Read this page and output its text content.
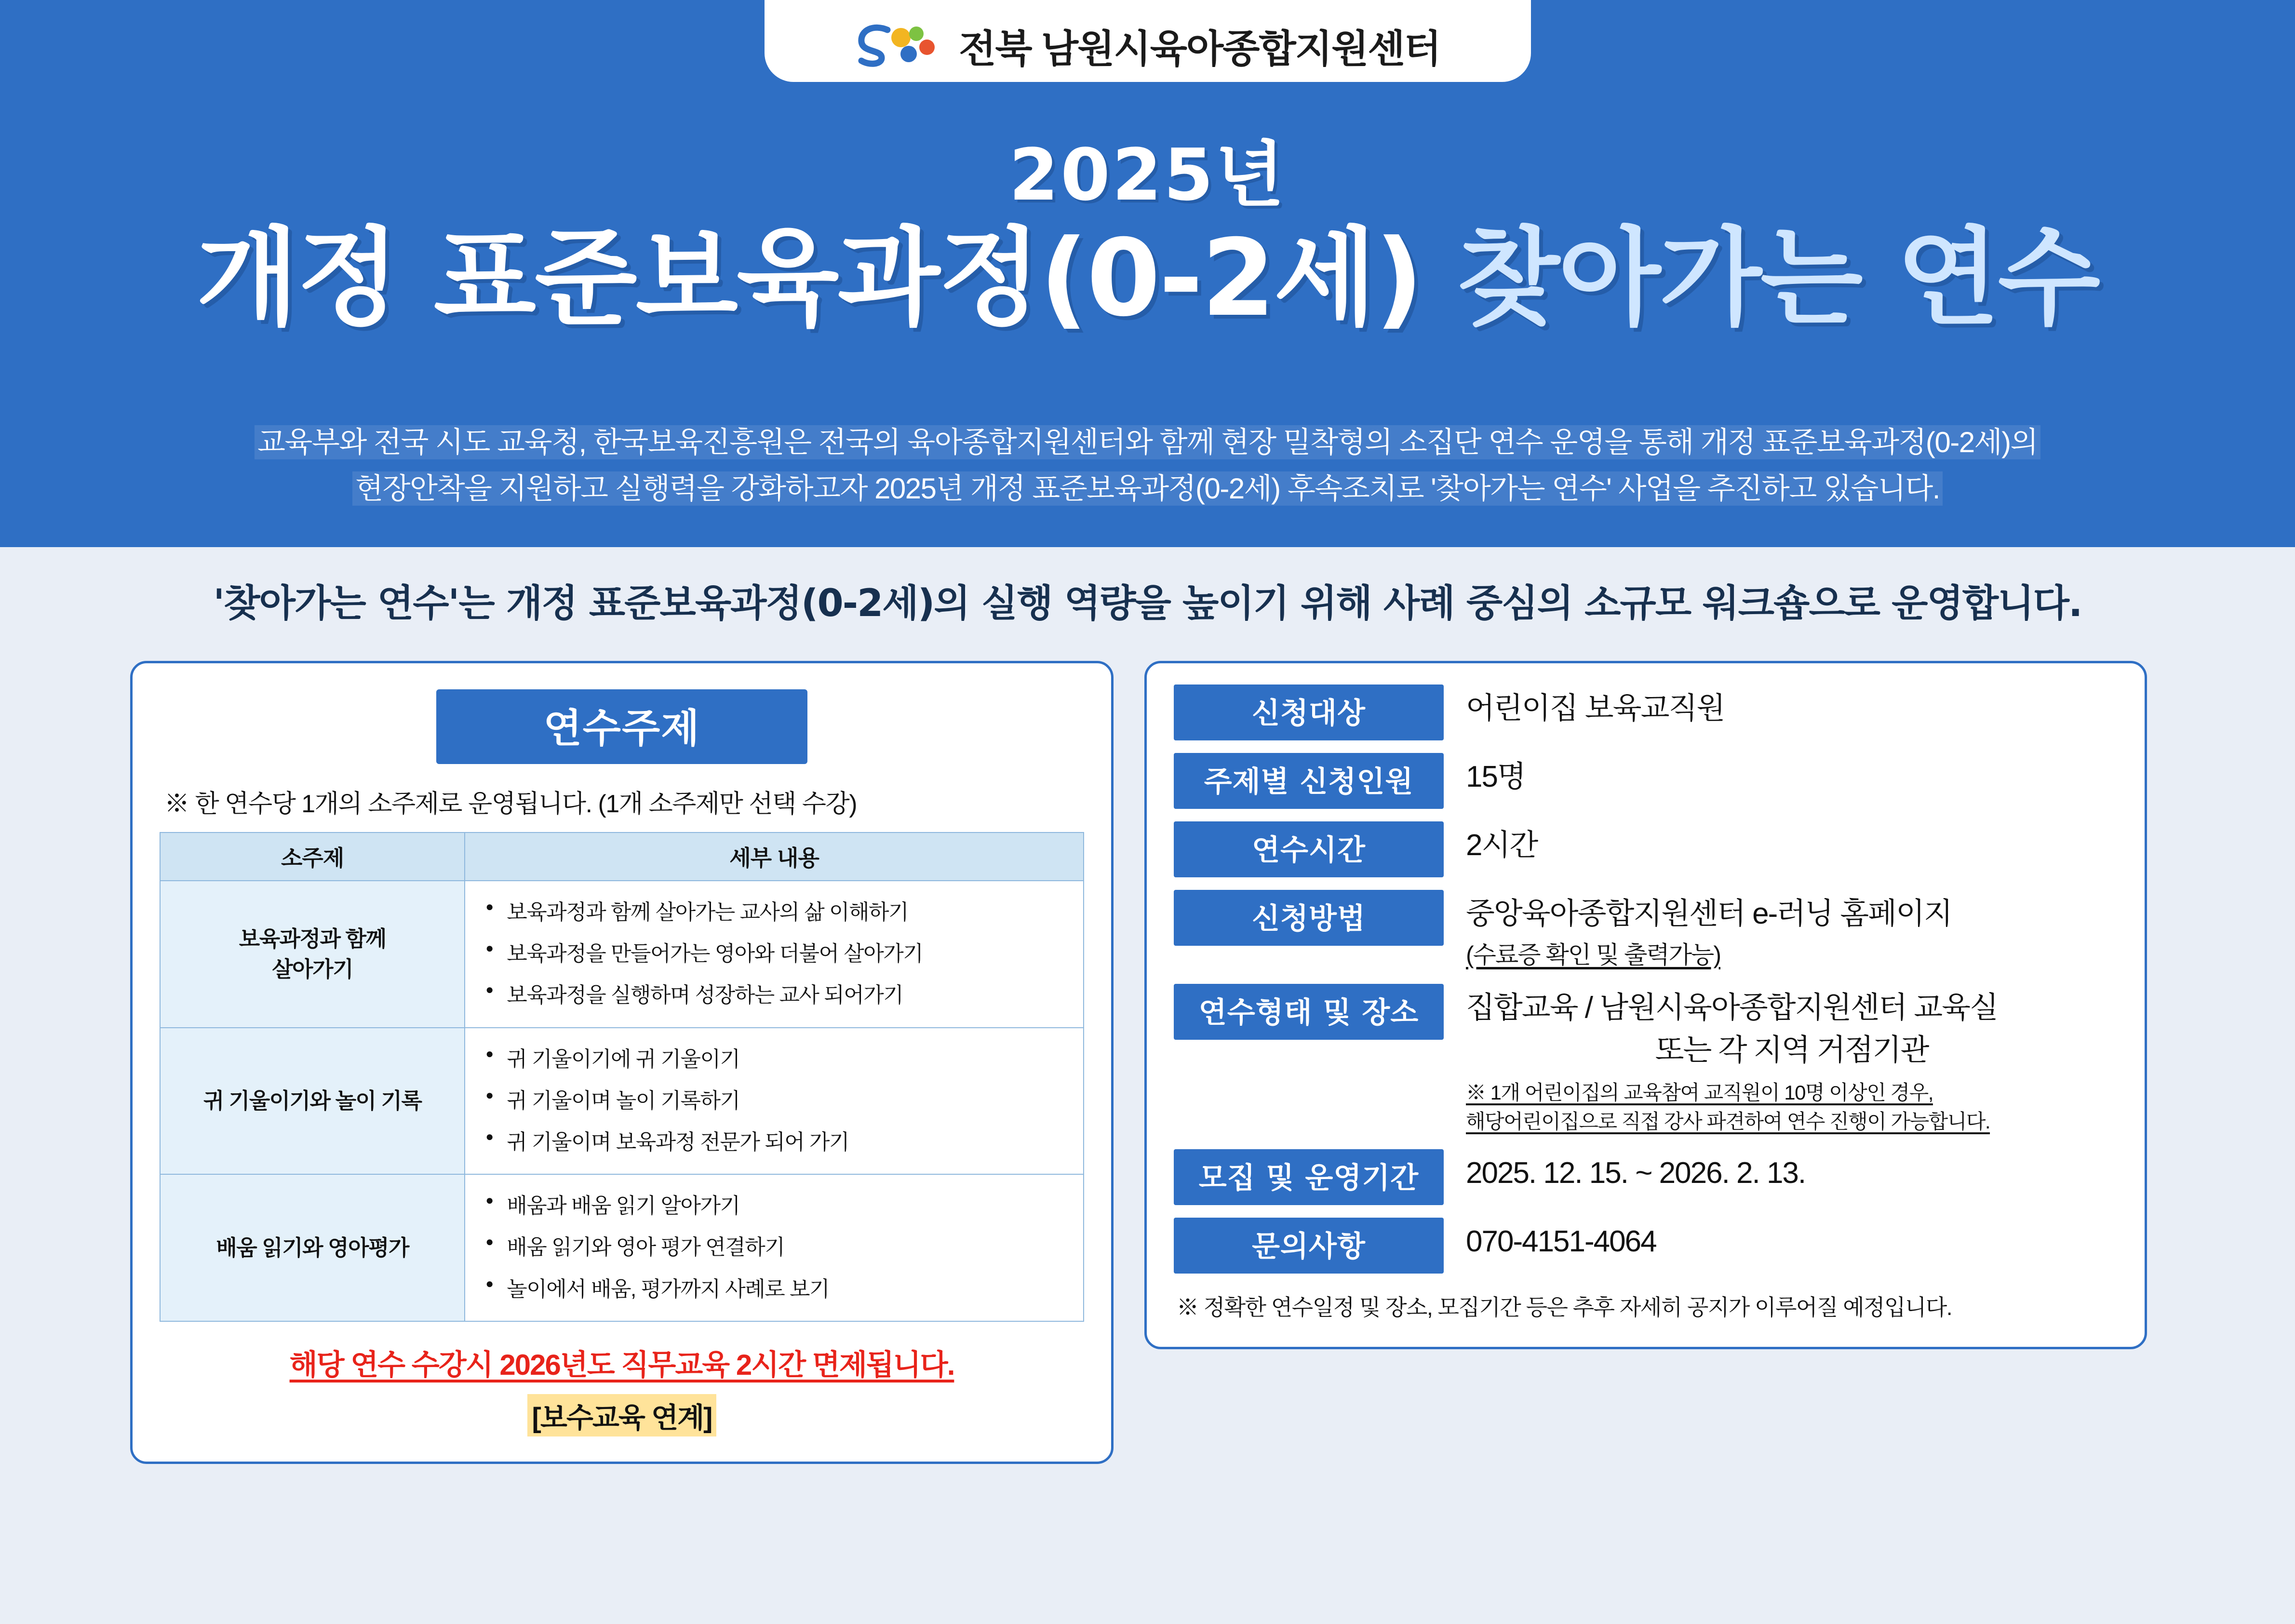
전북 남원시육아종합지원센터
2025년
개정 표준보육과정(0-2세) 찾아가는 연수
교육부와 전국 시도 교육청, 한국보육진흥원은 전국의 육아종합지원센터와 함께 현장 밀착형의 소집단 연수 운영을 통해 개정 표준보육과정(0-2세)의
현장안착을 지원하고 실행력을 강화하고자 2025년 개정 표준보육과정(0-2세) 후속조치로 '찾아가는 연수' 사업을 추진하고 있습니다.
'찾아가는 연수'는 개정 표준보육과정(0-2세)의 실행 역량을 높이기 위해 사례 중심의 소규모 워크숍으로 운영합니다.
연수주제
※ 한 연수당 1개의 소주제로 운영됩니다. (1개 소주제만 선택 수강)
소주제	세부 내용
보육과정과 함께
살아가기	
● 보육과정과 함께 살아가는 교사의 삶 이해하기
● 보육과정을 만들어가는 영아와 더불어 살아가기
● 보육과정을 실행하며 성장하는 교사 되어가기

귀 기울이기와 놀이 기록	
● 귀 기울이기에 귀 기울이기
● 귀 기울이며 놀이 기록하기
● 귀 기울이며 보육과정 전문가 되어 가기

배움 읽기와 영아평가	
● 배움과 배움 읽기 알아가기
● 배움 읽기와 영아 평가 연결하기
● 놀이에서 배움, 평가까지 사례로 보기
해당 연수 수강시 2026년도 직무교육 2시간 면제됩니다.
[보수교육 연계]
신청대상	어린이집 보육교직원
주제별 신청인원	15명
연수시간	2시간
신청방법	중앙육아종합지원센터 e-러닝 홈페이지
(수료증 확인 및 출력가능)
연수형태 및 장소	집합교육 / 남원시육아종합지원센터 교육실
또는 각 지역 거점기관
※ 1개 어린이집의 교육참여 교직원이 10명 이상인 경우,
해당어린이집으로 직접 강사 파견하여 연수 진행이 가능합니다.
모집 및 운영기간	2025. 12. 15. ~ 2026. 2. 13.
문의사항	070-4151-4064
※ 정확한 연수일정 및 장소, 모집기간 등은 추후 자세히 공지가 이루어질 예정입니다.
